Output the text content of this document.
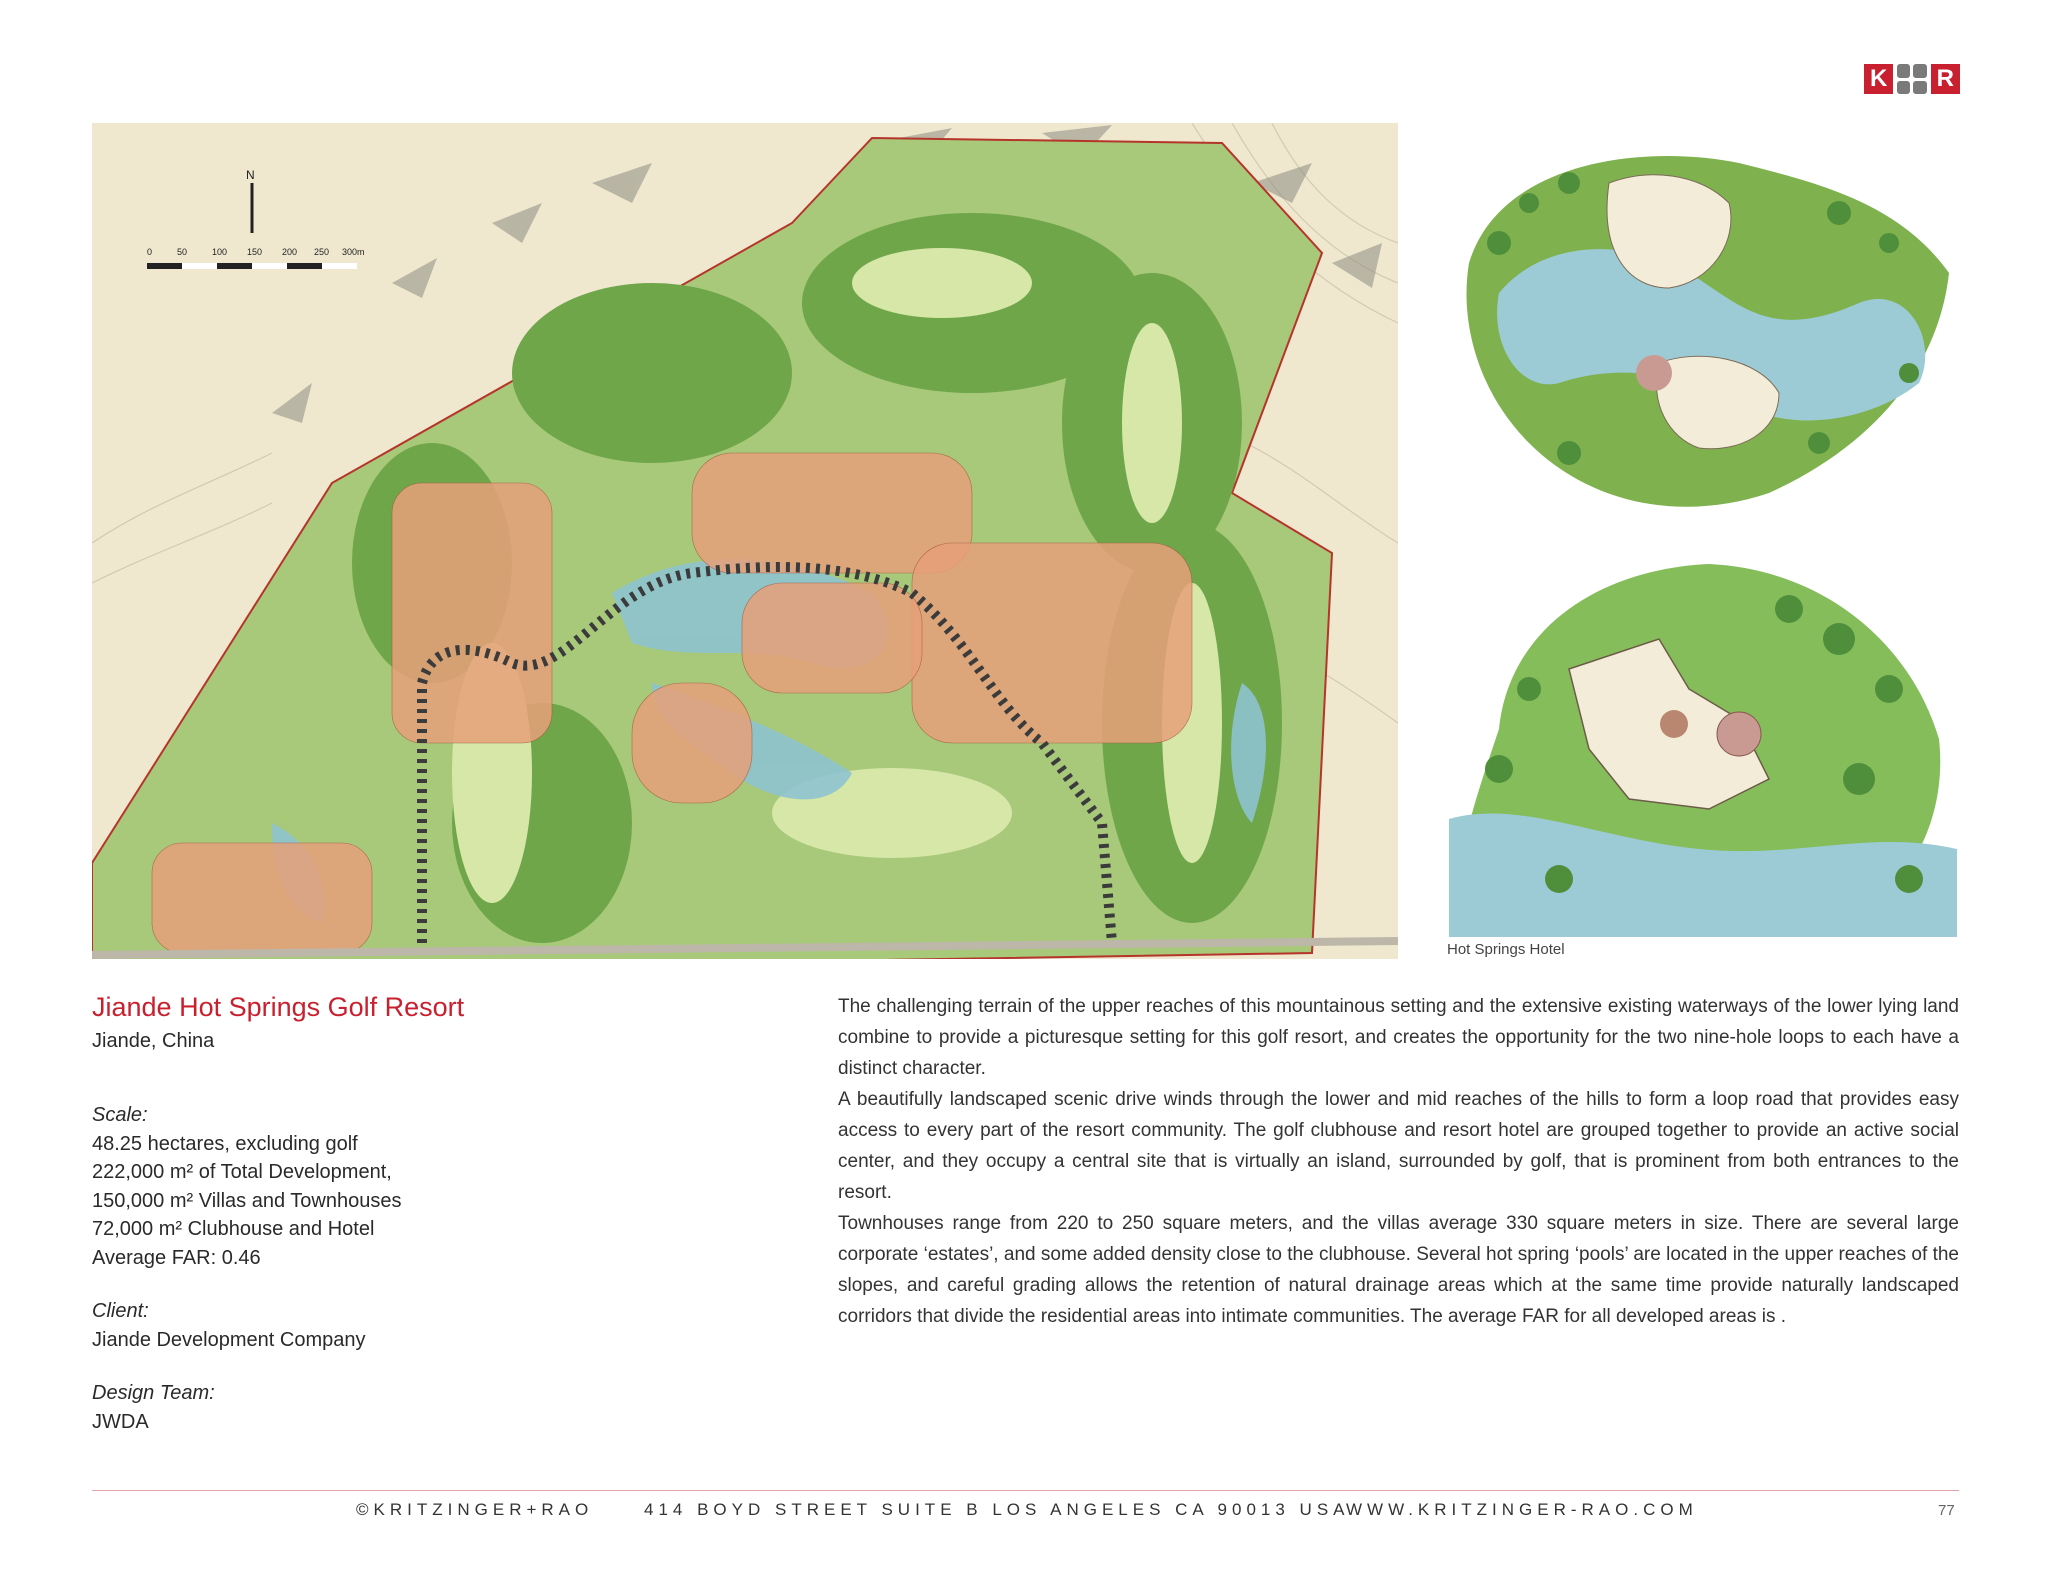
K R
N
0	50	100 150 200 250 300m
Hot Springs Hotel
Jiande Hot Springs Golf Resort
Jiande, China
Scale:
48.25 hectares, excluding golf
222,000 m² of Total Development,
150,000 m² Villas and Townhouses
72,000 m² Clubhouse and Hotel
Average FAR: 0.46
Client:
Jiande Development Company
Design Team:
JWDA

The challenging terrain of the upper reaches of this mountainous setting and the extensive existing waterways of the lower lying land combine to provide a picturesque setting for this golf resort, and creates the opportunity for the two nine-hole loops to each have a distinct character.

A beautifully landscaped scenic drive winds through the lower and mid reaches of the hills to form a loop road that provides easy access to every part of the resort community. The golf clubhouse and resort hotel are grouped together to provide an active social center, and they occupy a central site that is virtually an island, surrounded by golf, that is prominent from both entrances to the resort.

Townhouses range from 220 to 250 square meters, and the villas average 330 square meters in size. There are several large corporate ‘estates’, and some added density close to the clubhouse. Several hot spring ‘pools’ are located in the upper reaches of the slopes, and careful grading allows the retention of natural drainage areas which at the same time provide naturally landscaped corridors that divide the residential areas into intimate communities. The average FAR for all developed areas is .

©KRITZINGER+RAO	414 BOYD STREET SUITE B LOS ANGELES CA 90013 USA
WWW.KRITZINGER-RAO.COM	77
